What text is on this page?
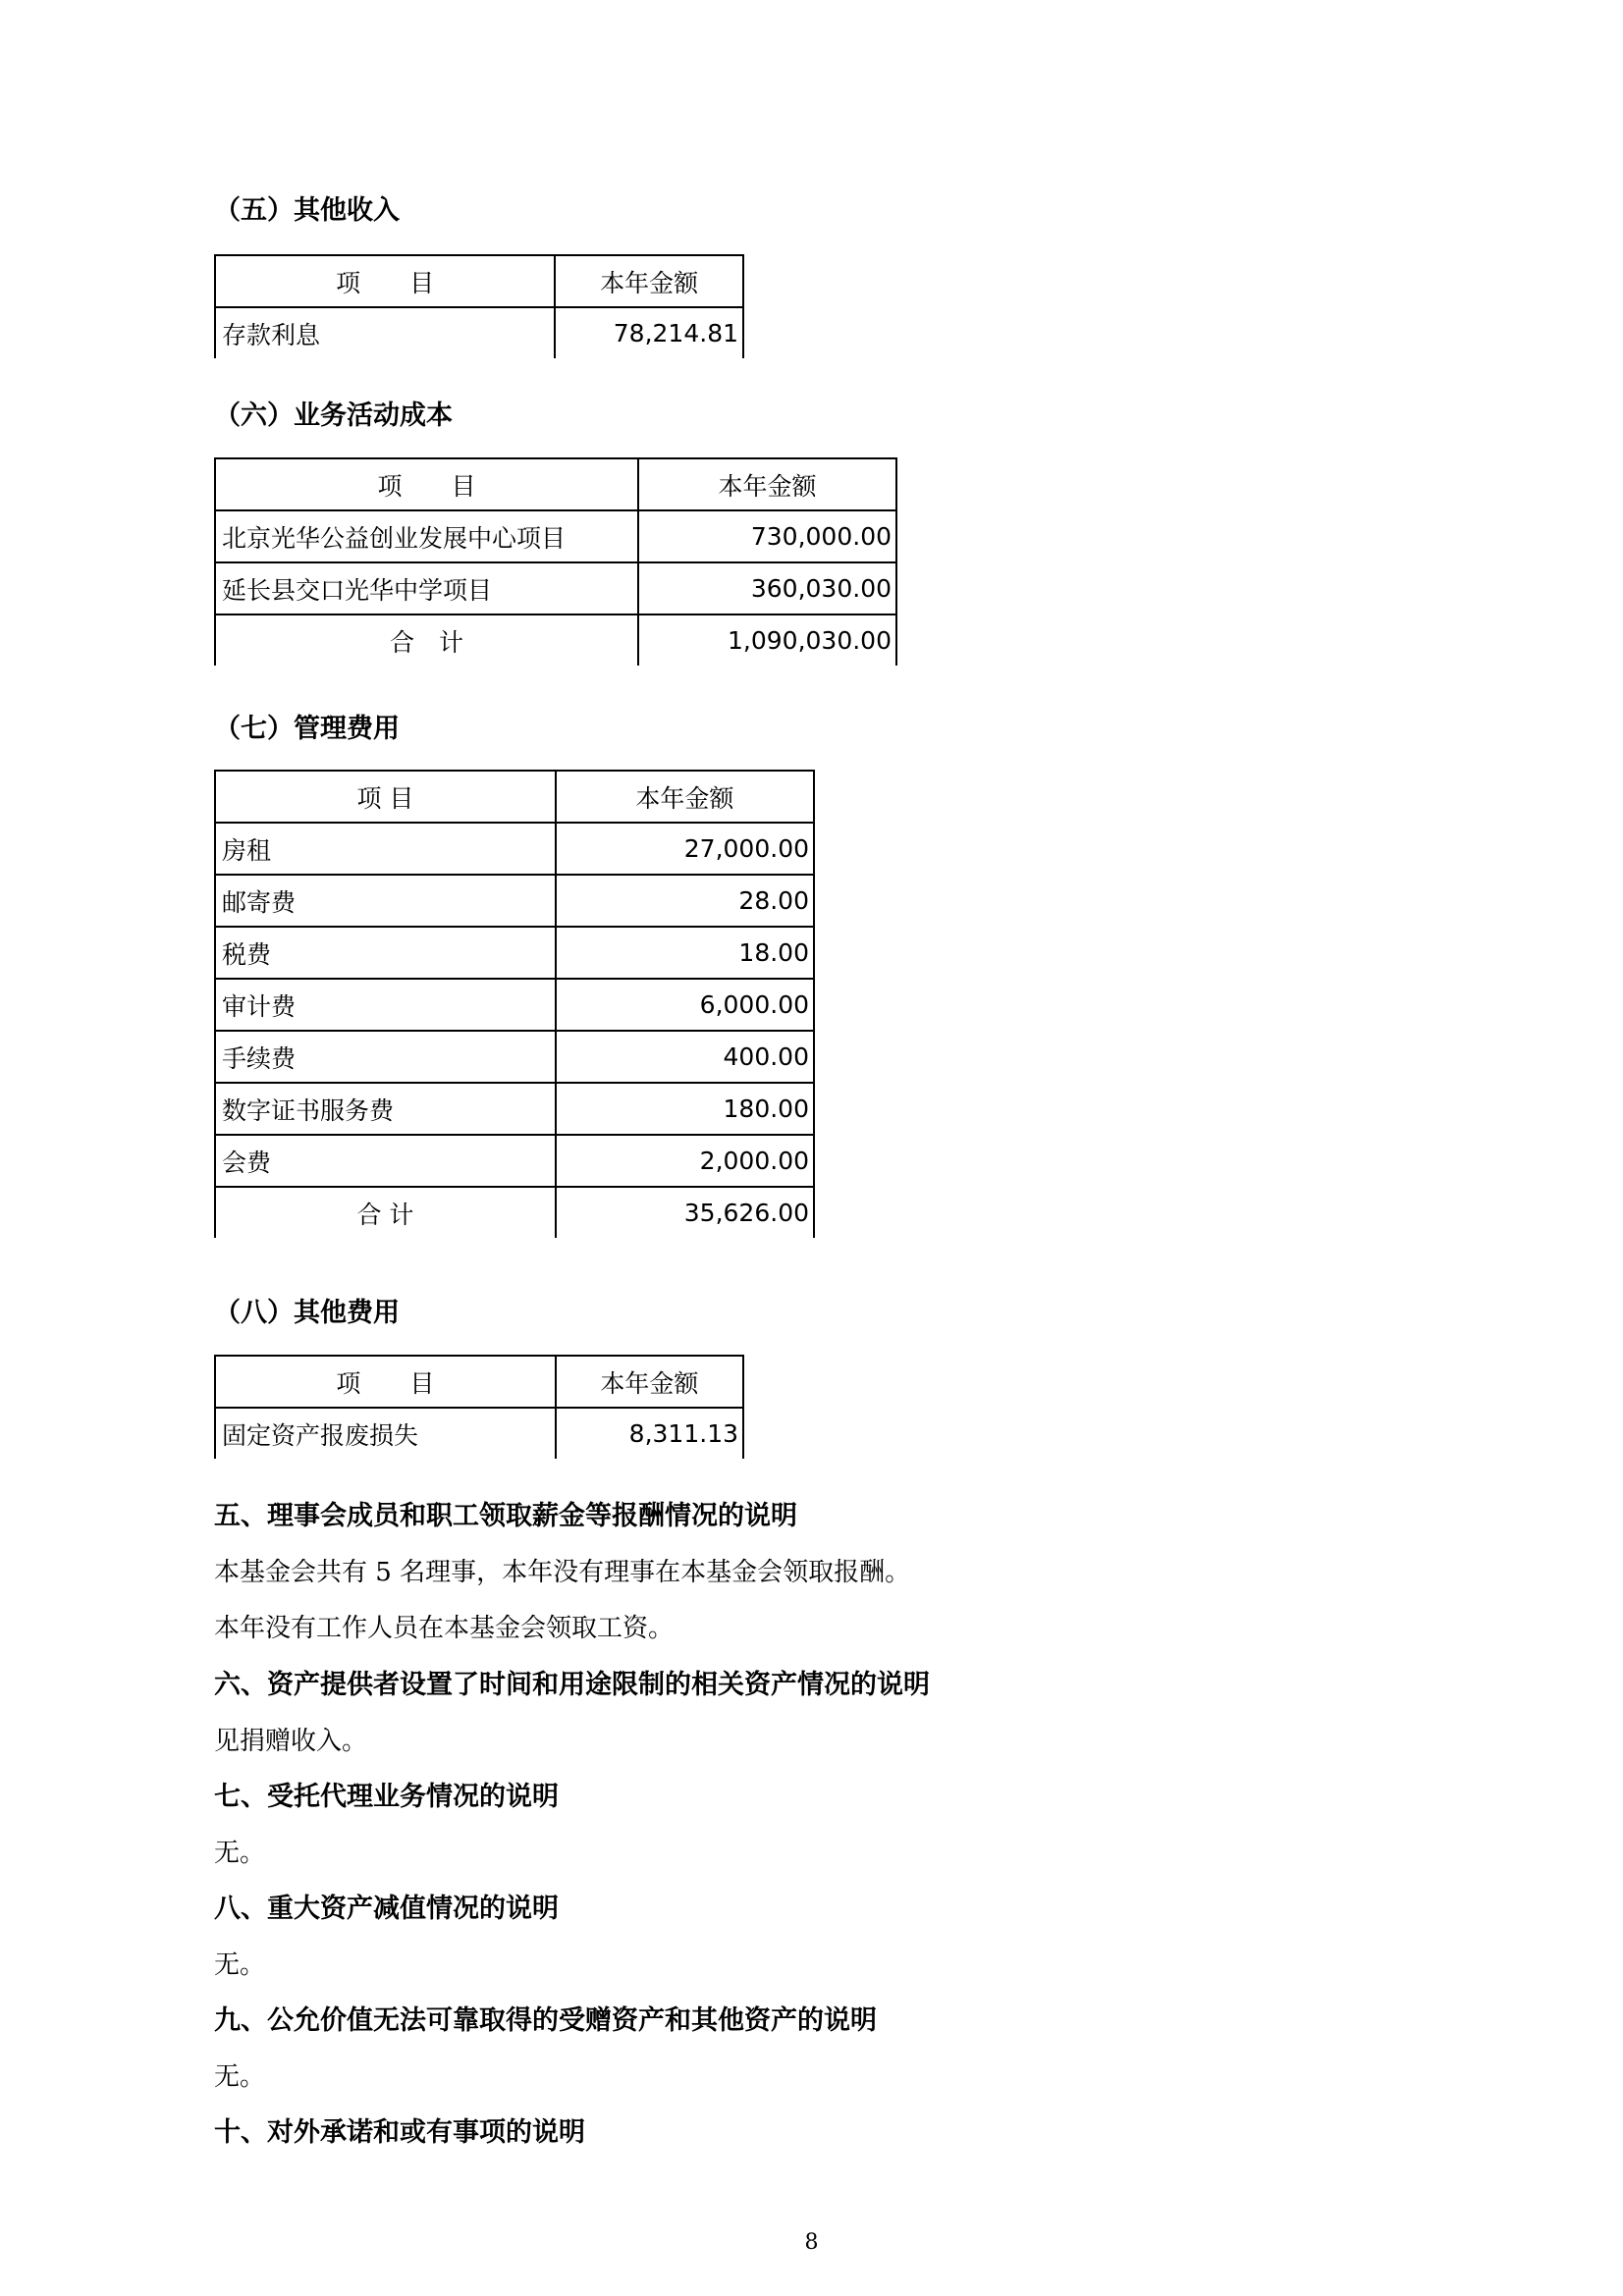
（五）其他收入
项　　目	本年金额
存款利息	78,214.81
（六）业务活动成本
项　　目	本年金额
北京光华公益创业发展中心项目	730,000.00
延长县交口光华中学项目	360,030.00
合　计	1,090,030.00
（七）管理费用
项 目	本年金额
房租	27,000.00
邮寄费	28.00
税费	18.00
审计费	6,000.00
手续费	400.00
数字证书服务费	180.00
会费	2,000.00
合 计	35,626.00
（八）其他费用
项　　目	本年金额
固定资产报废损失	8,311.13
五、理事会成员和职工领取薪金等报酬情况的说明

本基金会共有 5 名理事，本年没有理事在本基金会领取报酬。

本年没有工作人员在本基金会领取工资。

六、资产提供者设置了时间和用途限制的相关资产情况的说明

见捐赠收入。

七、受托代理业务情况的说明

无。

八、重大资产减值情况的说明

无。

九、公允价值无法可靠取得的受赠资产和其他资产的说明

无。

十、对外承诺和或有事项的说明
8
